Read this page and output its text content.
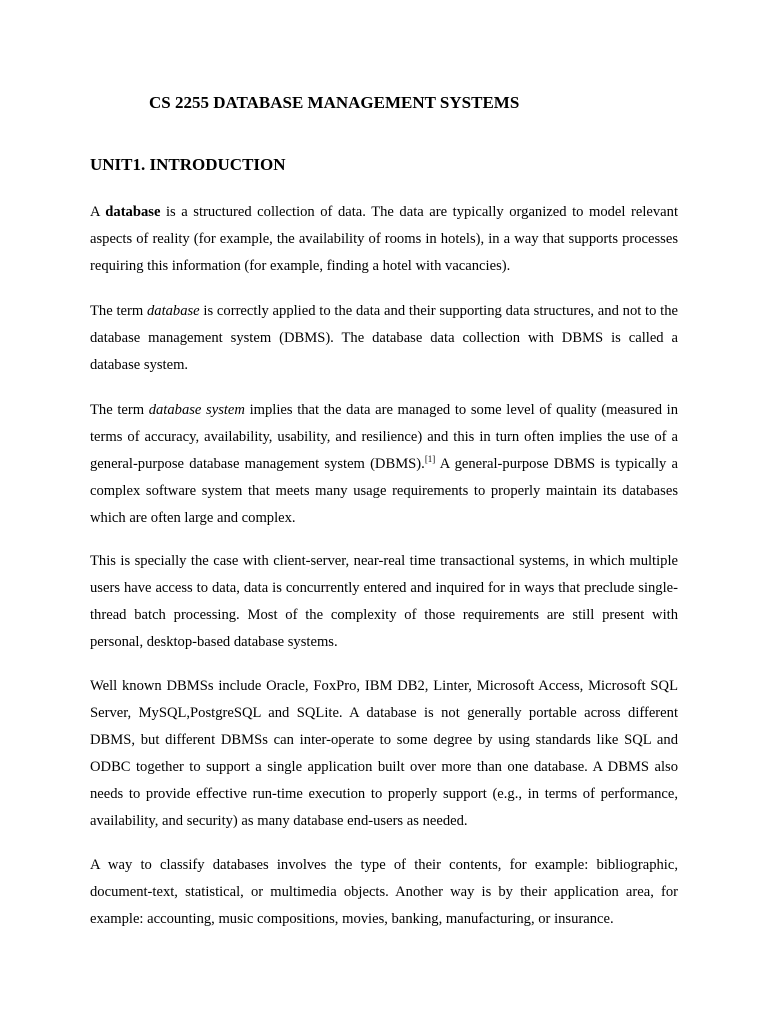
CS 2255 DATABASE MANAGEMENT SYSTEMS
UNIT1. INTRODUCTION

A database is a structured collection of data. The data are typically organized to model relevant aspects of reality (for example, the availability of rooms in hotels), in a way that supports processes requiring this information (for example, finding a hotel with vacancies).

The term database is correctly applied to the data and their supporting data structures, and not to the database management system (DBMS). The database data collection with DBMS is called a database system.

The term database system implies that the data are managed to some level of quality (measured in terms of accuracy, availability, usability, and resilience) and this in turn often implies the use of a general-purpose database management system (DBMS).[1] A general-purpose DBMS is typically a complex software system that meets many usage requirements to properly maintain its databases which are often large and complex.

This is specially the case with client-server, near-real time transactional systems, in which multiple users have access to data, data is concurrently entered and inquired for in ways that preclude single-thread batch processing. Most of the complexity of those requirements are still present with personal, desktop-based database systems.

Well known DBMSs include Oracle, FoxPro, IBM DB2, Linter, Microsoft Access, Microsoft SQL Server, MySQL,PostgreSQL and SQLite. A database is not generally portable across different DBMS, but different DBMSs can inter-operate to some degree by using standards like SQL and ODBC together to support a single application built over more than one database. A DBMS also needs to provide effective run-time execution to properly support (e.g., in terms of performance, availability, and security) as many database end-users as needed.

A way to classify databases involves the type of their contents, for example: bibliographic, document-text, statistical, or multimedia objects. Another way is by their application area, for example: accounting, music compositions, movies, banking, manufacturing, or insurance.
